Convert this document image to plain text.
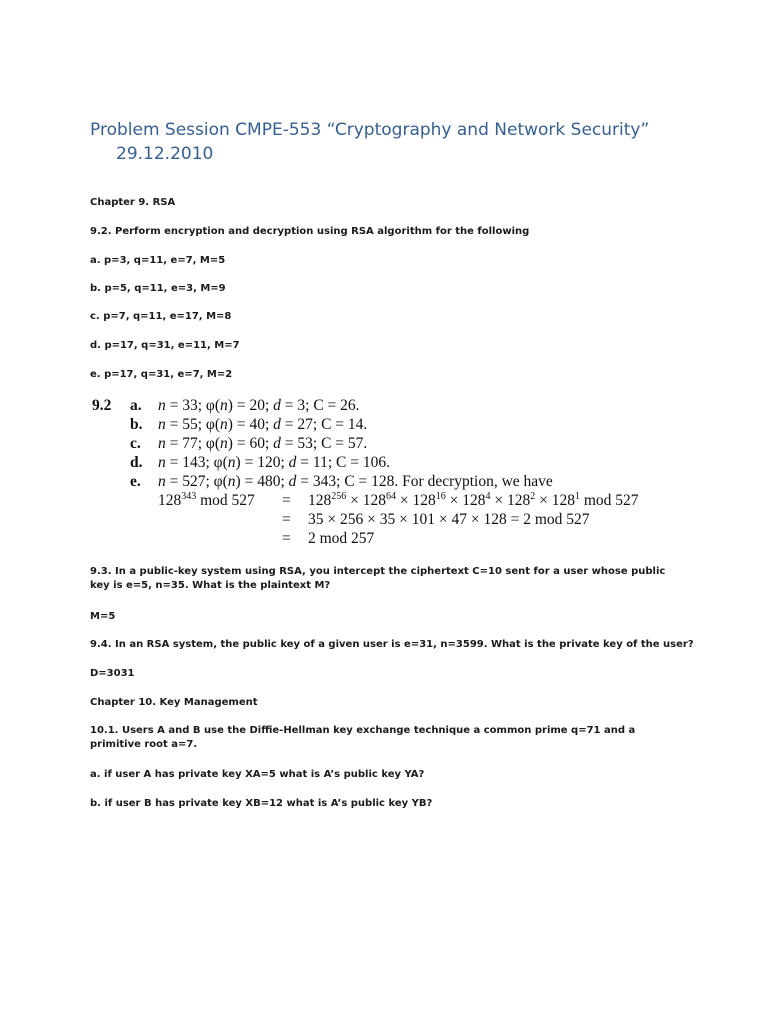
Problem Session CMPE-553 “Cryptography and Network Security”
29.12.2010

Chapter 9. RSA

9.2. Perform encryption and decryption using RSA algorithm for the following

a. p=3, q=11, e=7, M=5

b. p=5, q=11, e=3, M=9

c. p=7, q=11, e=17, M=8

d. p=17, q=31, e=11, M=7

e. p=17, q=31, e=7, M=2

9.2 a. n = 33; φ(n) = 20; d = 3; C = 26.
b. n = 55; φ(n) = 40; d = 27; C = 14.
c. n = 77; φ(n) = 60; d = 53; C = 57.
d. n = 143; φ(n) = 120; d = 11; C = 106.
e. n = 527; φ(n) = 480; d = 343; C = 128. For decryption, we have
$128^{343}$ mod $527 = 128^{256} \times 128^{64} \times 128^{16} \times 128^4 \times 128^2 \times 128^1$ mod 527
= 35 × 256 × 35 × 101 × 47 × 128 = 2 mod 527
= 2 mod 257

9.3. In a public-key system using RSA, you intercept the ciphertext C=10 sent for a user whose public key is e=5, n=35. What is the plaintext M?

M=5

9.4. In an RSA system, the public key of a given user is e=31, n=3599. What is the private key of the user?

D=3031

Chapter 10. Key Management

10.1. Users A and B use the Diffie-Hellman key exchange technique a common prime q=71 and a primitive root a=7.

a. if user A has private key XA=5 what is A’s public key YA?

b. if user B has private key XB=12 what is A’s public key YB?
